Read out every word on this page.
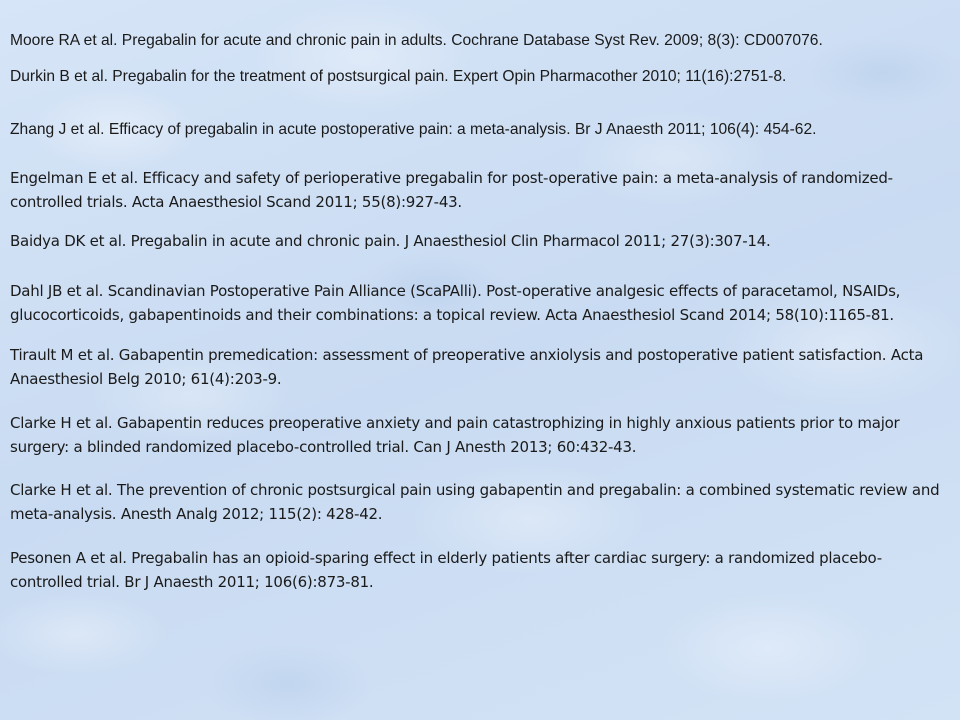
Moore RA et al. Pregabalin for acute and chronic pain in adults. Cochrane Database Syst Rev. 2009; 8(3): CD007076.

Durkin B et al. Pregabalin for the treatment of postsurgical pain. Expert Opin Pharmacother 2010; 11(16):2751-8.

Zhang J et al. Efficacy of pregabalin in acute postoperative pain: a meta-analysis. Br J Anaesth 2011; 106(4): 454-62.

Engelman E et al. Efficacy and safety of perioperative pregabalin for post-operative pain: a meta-analysis of randomized-controlled trials. Acta Anaesthesiol Scand 2011; 55(8):927-43.

Baidya DK et al. Pregabalin in acute and chronic pain. J Anaesthesiol Clin Pharmacol 2011; 27(3):307-14.

Dahl JB et al. Scandinavian Postoperative Pain Alliance (ScaPAlli). Post-operative analgesic effects of paracetamol, NSAIDs, glucocorticoids, gabapentinoids and their combinations: a topical review. Acta Anaesthesiol Scand 2014; 58(10):1165-81.

Tirault M et al. Gabapentin premedication: assessment of preoperative anxiolysis and postoperative patient satisfaction. Acta Anaesthesiol Belg 2010; 61(4):203-9.

Clarke H et al. Gabapentin reduces preoperative anxiety and pain catastrophizing in highly anxious patients prior to major surgery: a blinded randomized placebo-controlled trial. Can J Anesth 2013; 60:432-43.

Clarke H et al. The prevention of chronic postsurgical pain using gabapentin and pregabalin: a combined systematic review and meta-analysis. Anesth Analg 2012; 115(2): 428-42.

Pesonen A et al. Pregabalin has an opioid-sparing effect in elderly patients after cardiac surgery: a randomized placebo-controlled trial. Br J Anaesth 2011; 106(6):873-81.
